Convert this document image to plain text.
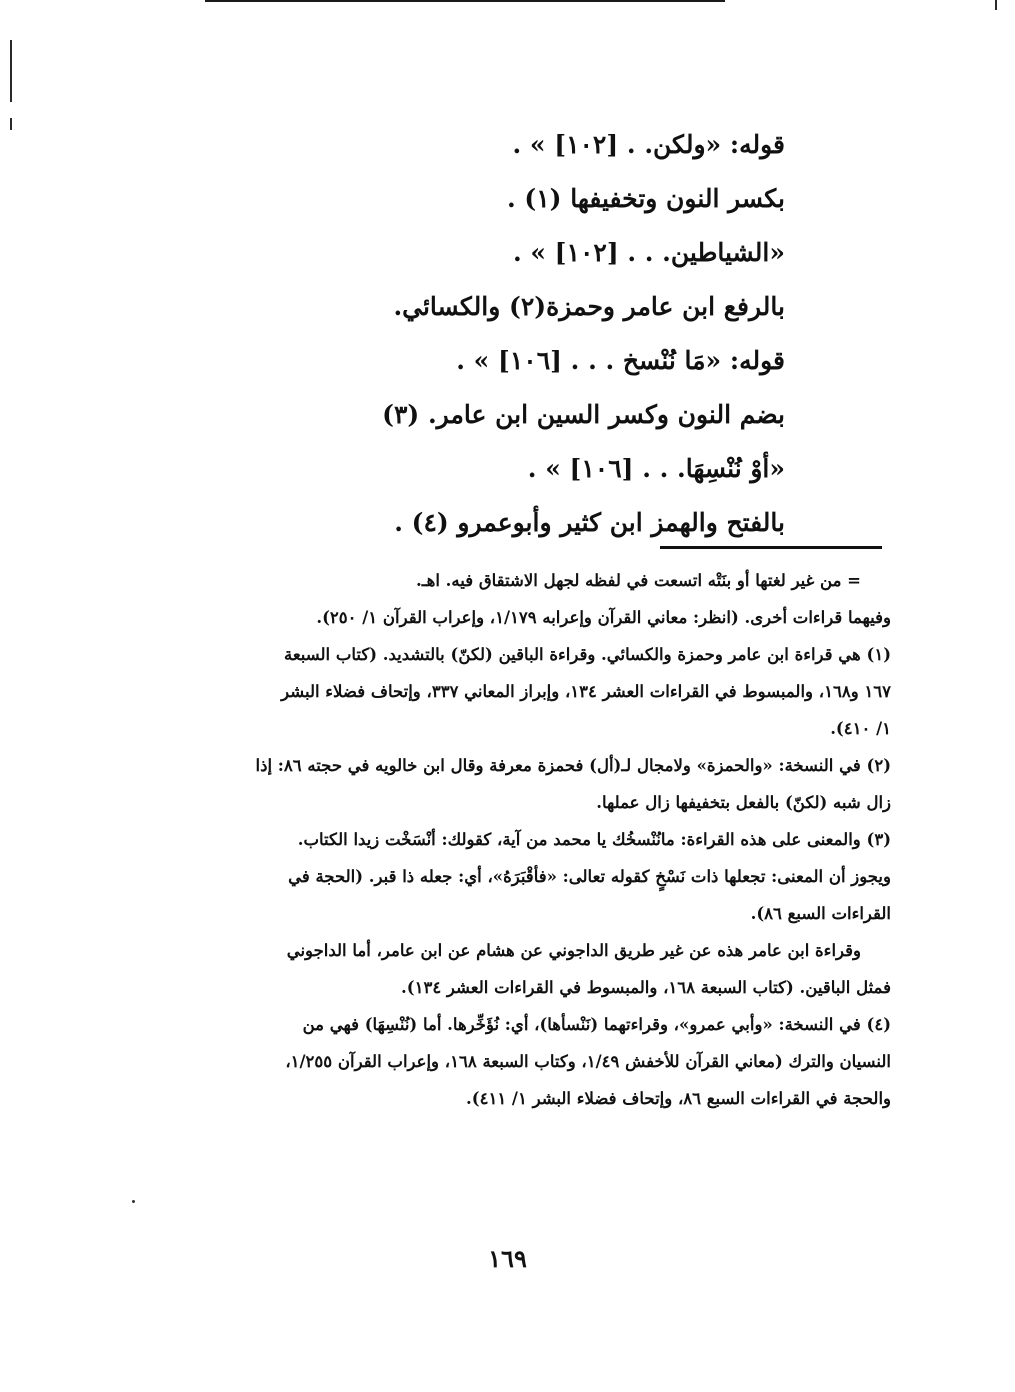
قوله: «ولكن. . [١٠٢] » .
بكسر النون وتخفيفها (١) .
«الشياطين. . . [١٠٢] » .
بالرفع ابن عامر وحمزة(٢) والكسائي.
قوله: «مَا نُنْسخ . . . [١٠٦] » .
بضم النون وكسر السين ابن عامر. (٣)
«أوْ نُنْسِهَا. . . [١٠٦] » .
بالفتح والهمز ابن كثير وأبوعمرو (٤) .
= من غير لغتها أو بنَتْه اتسعت في لفظه لجهل الاشتقاق فيه. اهـ.
وفيهما قراءات أخرى. (انظر: معاني القرآن وإعرابه ١/١٧٩، وإعراب القرآن ١/ ٢٥٠).
(١) هي قراءة ابن عامر وحمزة والكسائي. وقراءة الباقين (لكنّ) بالتشديد. (كتاب السبعة
١٦٧ و١٦٨، والمبسوط في القراءات العشر ١٣٤، وإبراز المعاني ٣٣٧، وإتحاف فضلاء البشر
١/ ٤١٠).
(٢) في النسخة: «والحمزة» ولامجال لـ(أل) فحمزة معرفة وقال ابن خالويه في حجته ٨٦: إذا
زال شبه (لكنّ) بالفعل بتخفيفها زال عملها.
(٣) والمعنى على هذه القراءة: مانُنْسخُك يا محمد من آية، كقولك: أنْسَخْت زيدا الكتاب.
ويجوز أن المعنى: تجعلها ذات نَسْخٍ كقوله تعالى: «فأقْبَرَهُ»، أي: جعله ذا قبر. (الحجة في
القراءات السبع ٨٦).
وقراءة ابن عامر هذه عن غير طريق الداجوني عن هشام عن ابن عامر، أما الداجوني
فمثل الباقين. (كتاب السبعة ١٦٨، والمبسوط في القراءات العشر ١٣٤).
(٤) في النسخة: «وأبي عمرو»، وقراءتهما (نَنْسأها)، أي: نُؤَخِّرها. أما (نُنْسِهَا) فهي من
النسيان والترك (معاني القرآن للأخفش ١/٤٩، وكتاب السبعة ١٦٨، وإعراب القرآن ١/٢٥٥،
والحجة في القراءات السبع ٨٦، وإتحاف فضلاء البشر ١/ ٤١١).
١٦٩
